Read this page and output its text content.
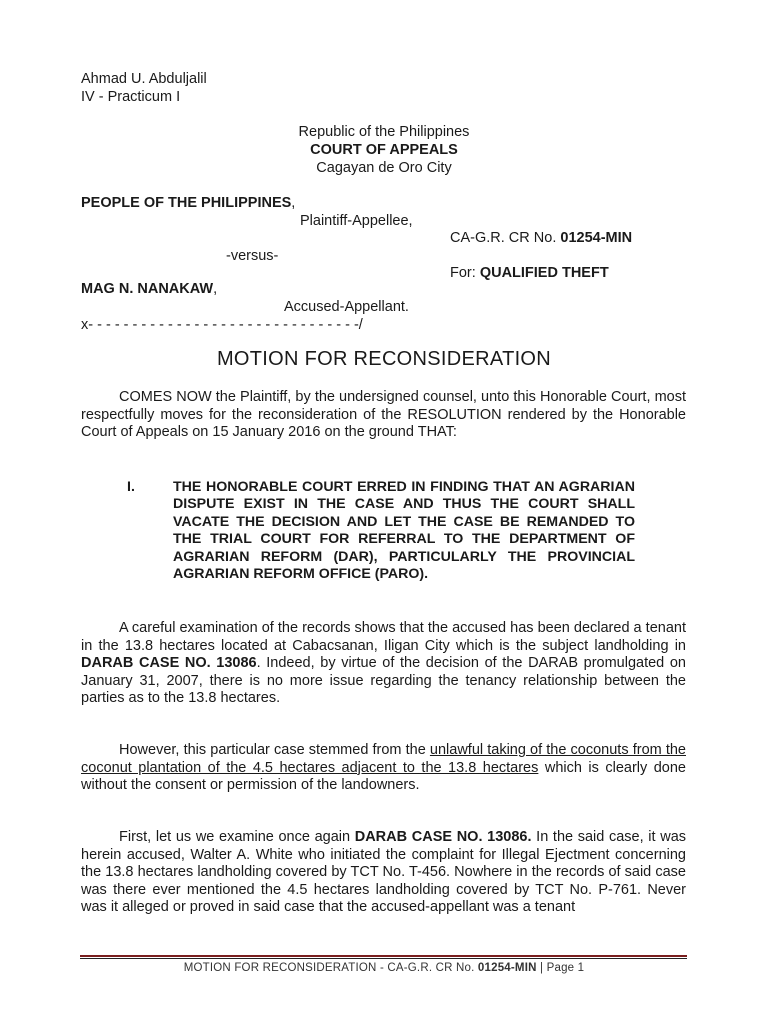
Ahmad U. Abduljalil
IV - Practicum I
Republic of the Philippines
COURT OF APPEALS
Cagayan de Oro City
PEOPLE OF THE PHILIPPINES,
Plaintiff-Appellee,
CA-G.R. CR No. 01254-MIN
-versus-
For: QUALIFIED THEFT
MAG N. NANAKAW,
Accused-Appellant.
x- - - - - - - - - - - - - - - - - - - - - - - - - - - - - - -/
MOTION FOR RECONSIDERATION
COMES NOW the Plaintiff, by the undersigned counsel, unto this Honorable Court, most respectfully moves for the reconsideration of the RESOLUTION rendered by the Honorable Court of Appeals on 15 January 2016 on the ground THAT:
I.	THE HONORABLE COURT ERRED IN FINDING THAT AN AGRARIAN DISPUTE EXIST IN THE CASE AND THUS THE COURT SHALL VACATE THE DECISION AND LET THE CASE BE REMANDED TO THE TRIAL COURT FOR REFERRAL TO THE DEPARTMENT OF AGRARIAN REFORM (DAR), PARTICULARLY THE PROVINCIAL AGRARIAN REFORM OFFICE (PARO).
A careful examination of the records shows that the accused has been declared a tenant in the 13.8 hectares located at Cabacsanan, Iligan City which is the subject landholding in DARAB CASE NO. 13086. Indeed, by virtue of the decision of the DARAB promulgated on January 31, 2007, there is no more issue regarding the tenancy relationship between the parties as to the 13.8 hectares.
However, this particular case stemmed from the unlawful taking of the coconuts from the coconut plantation of the 4.5 hectares adjacent to the 13.8 hectares which is clearly done without the consent or permission of the landowners.
First, let us we examine once again DARAB CASE NO. 13086. In the said case, it was herein accused, Walter A. White who initiated the complaint for Illegal Ejectment concerning the 13.8 hectares landholding covered by TCT No. T-456. Nowhere in the records of said case was there ever mentioned the 4.5 hectares landholding covered by TCT No. P-761. Never was it alleged or proved in said case that the accused-appellant was a tenant
MOTION FOR RECONSIDERATION - CA-G.R. CR No. 01254-MIN | Page 1
